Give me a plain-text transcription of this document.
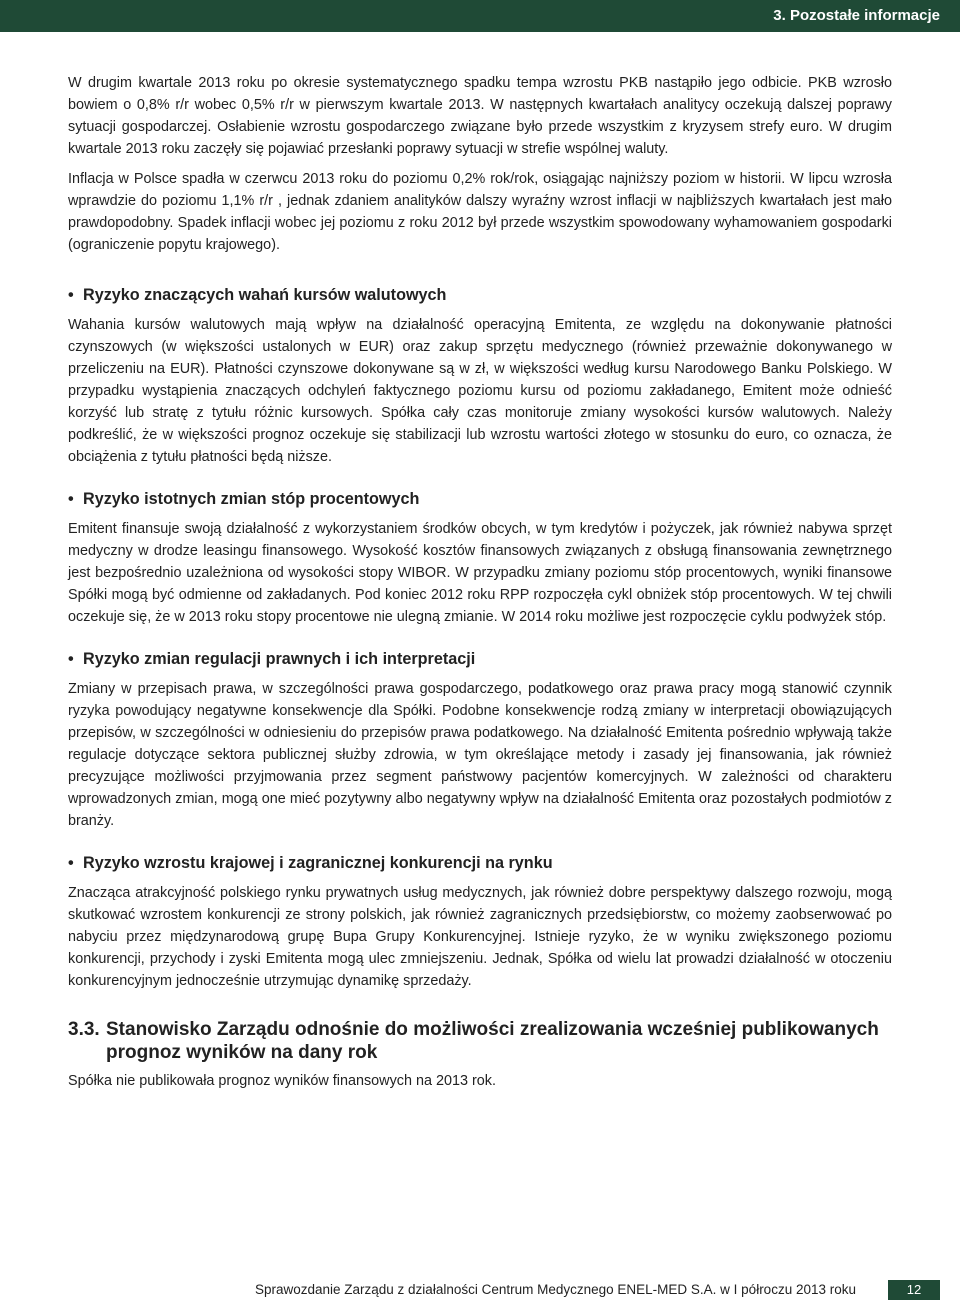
3. Pozostałe informacje

W drugim kwartale 2013 roku po okresie systematycznego spadku tempa wzrostu PKB nastąpiło jego odbicie. PKB wzrosło bowiem o 0,8% r/r wobec 0,5% r/r w pierwszym kwartale 2013. W następnych kwartałach analitycy oczekują dalszej poprawy sytuacji gospodarczej. Osłabienie wzrostu gospodarczego związane było przede wszystkim z kryzysem strefy euro. W drugim kwartale 2013 roku zaczęły się pojawiać przesłanki poprawy sytuacji w strefie wspólnej waluty.

Inflacja w Polsce spadła w czerwcu 2013 roku do poziomu 0,2% rok/rok, osiągając najniższy poziom w historii. W lipcu wzrosła wprawdzie do poziomu 1,1% r/r , jednak zdaniem analityków dalszy wyraźny wzrost inflacji w najbliższych kwartałach jest mało prawdopodobny. Spadek inflacji wobec jej poziomu z roku 2012 był przede wszystkim spowodowany wyhamowaniem gospodarki (ograniczenie popytu krajowego).

• Ryzyko znaczących wahań kursów walutowych

Wahania kursów walutowych mają wpływ na działalność operacyjną Emitenta, ze względu na dokonywanie płatności czynszowych (w większości ustalonych w EUR) oraz zakup sprzętu medycznego (również przeważnie dokonywanego w przeliczeniu na EUR). Płatności czynszowe dokonywane są w zł, w większości według kursu Narodowego Banku Polskiego. W przypadku wystąpienia znaczących odchyleń faktycznego poziomu kursu od poziomu zakładanego, Emitent może odnieść korzyść lub stratę z tytułu różnic kursowych. Spółka cały czas monitoruje zmiany wysokości kursów walutowych. Należy podkreślić, że w większości prognoz oczekuje się stabilizacji lub wzrostu wartości złotego w stosunku do euro, co oznacza, że obciążenia z tytułu płatności będą niższe.

• Ryzyko istotnych zmian stóp procentowych

Emitent finansuje swoją działalność z wykorzystaniem środków obcych, w tym kredytów i pożyczek, jak również nabywa sprzęt medyczny w drodze leasingu finansowego. Wysokość kosztów finansowych związanych z obsługą finansowania zewnętrznego jest bezpośrednio uzależniona od wysokości stopy WIBOR. W przypadku zmiany poziomu stóp procentowych, wyniki finansowe Spółki mogą być odmienne od zakładanych. Pod koniec 2012 roku RPP rozpoczęła cykl obniżek stóp procentowych. W tej chwili oczekuje się, że w 2013 roku stopy procentowe nie ulegną zmianie. W 2014 roku możliwe jest rozpoczęcie cyklu podwyżek stóp.

• Ryzyko zmian regulacji prawnych i ich interpretacji

Zmiany w przepisach prawa, w szczególności prawa gospodarczego, podatkowego oraz prawa pracy mogą stanowić czynnik ryzyka powodujący negatywne konsekwencje dla Spółki. Podobne konsekwencje rodzą zmiany w interpretacji obowiązujących przepisów, w szczególności w odniesieniu do przepisów prawa podatkowego. Na działalność Emitenta pośrednio wpływają także regulacje dotyczące sektora publicznej służby zdrowia, w tym określające metody i zasady jej finansowania, jak również precyzujące możliwości przyjmowania przez segment państwowy pacjentów komercyjnych. W zależności od charakteru wprowadzonych zmian, mogą one mieć pozytywny albo negatywny wpływ na działalność Emitenta oraz pozostałych podmiotów z branży.

• Ryzyko wzrostu krajowej i zagranicznej konkurencji na rynku

Znacząca atrakcyjność polskiego rynku prywatnych usług medycznych, jak również dobre perspektywy dalszego rozwoju, mogą skutkować wzrostem konkurencji ze strony polskich, jak również zagranicznych przedsiębiorstw, co możemy zaobserwować po nabyciu przez międzynarodową grupę Bupa Grupy Konkurencyjnej. Istnieje ryzyko, że w wyniku zwiększonego poziomu konkurencji, przychody i zyski Emitenta mogą ulec zmniejszeniu. Jednak, Spółka od wielu lat prowadzi działalność w otoczeniu konkurencyjnym jednocześnie utrzymując dynamikę sprzedaży.

3.3. Stanowisko Zarządu odnośnie do możliwości zrealizowania wcześniej publikowanych prognoz wyników na dany rok

Spółka nie publikowała prognoz wyników finansowych na 2013 rok.

Sprawozdanie Zarządu z działalności Centrum Medycznego ENEL-MED S.A. w I półroczu 2013 roku	12
